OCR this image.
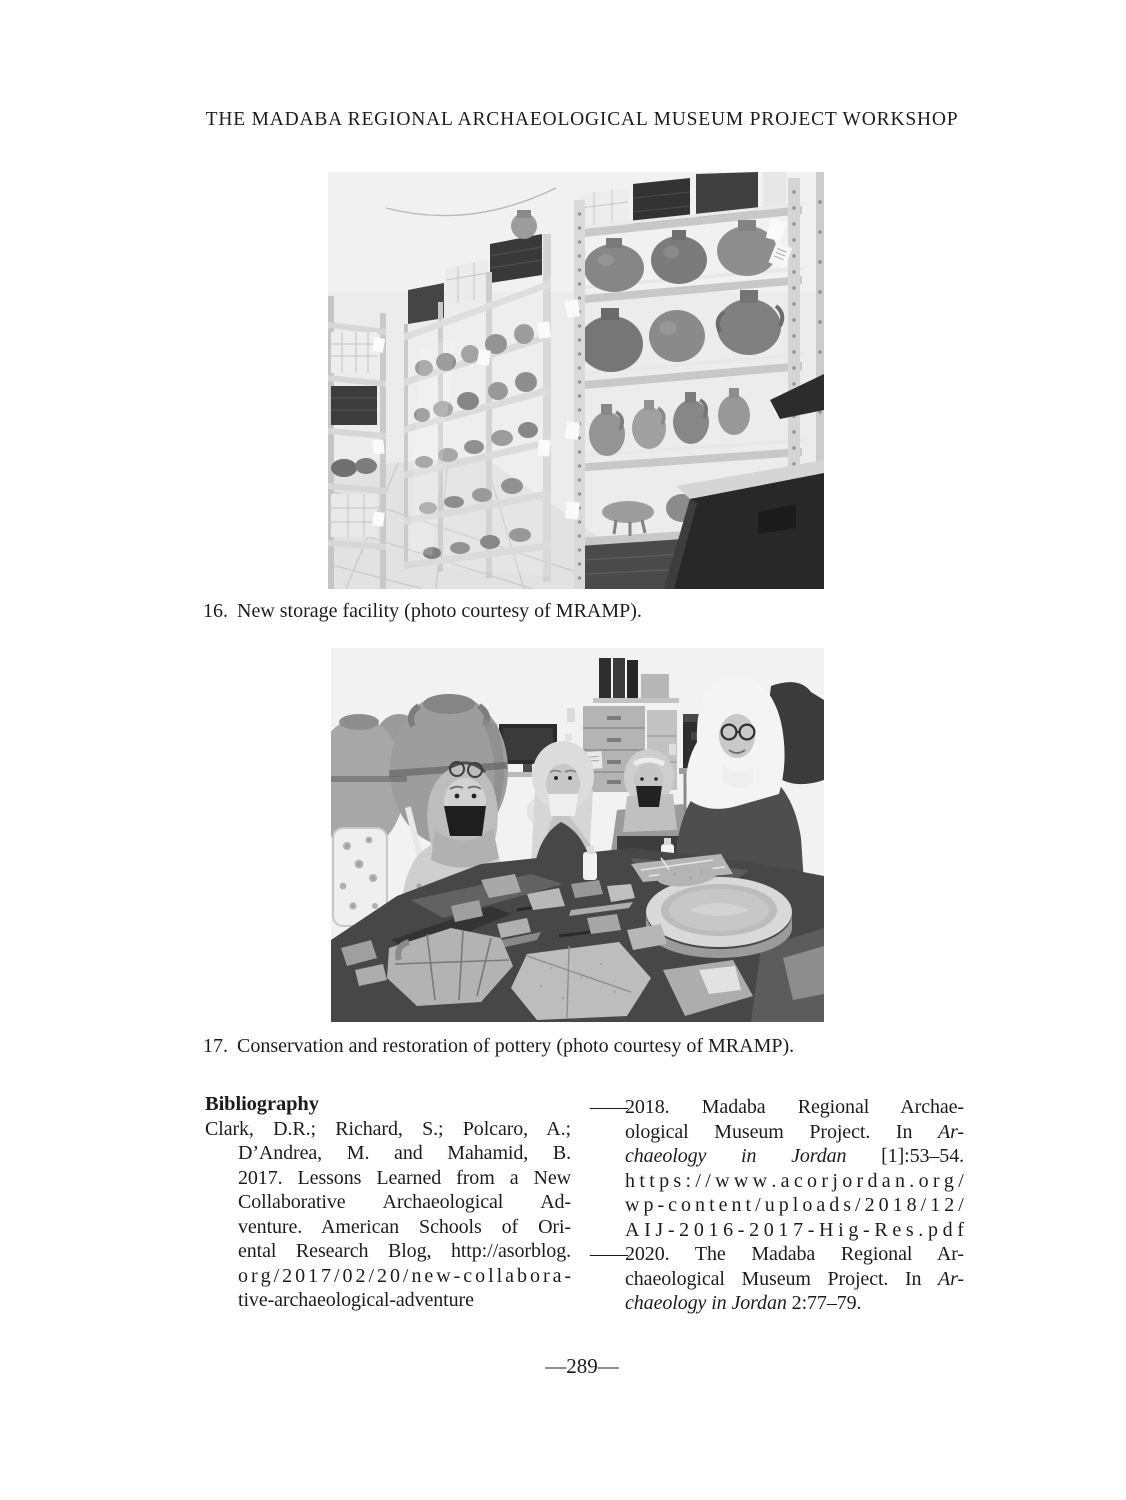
THE MADABA REGIONAL ARCHAEOLOGICAL MUSEUM PROJECT WORKSHOP
16. New storage facility (photo courtesy of MRAMP).
17. Conservation and restoration of pottery (photo courtesy of MRAMP).
Bibliography
Clark, D.R.; Richard, S.; Polcaro, A.;
D’Andrea, M. and Mahamid, B.
2017. Lessons Learned from a New
Collaborative Archaeological Ad-
venture. American Schools of Ori-
ental Research Blog, http://asorblog.
o r g / 2 0 1 7 / 0 2 / 2 0 / n e w - c o l l a b o r a -
tive-archaeological-adventure
—
2018. Madaba Regional Archae-
ological Museum Project. In Ar-
chaeology in Jordan [1]:53–54.
h t t p s : / / w w w . a c o r j o r d a n . o r g /
w p - c o n t e n t / u p l o a d s / 2 0 1 8 / 1 2 /
A I J - 2 0 1 6 - 2 0 1 7 - H i g - R e s . p d f
—
2020. The Madaba Regional Ar-
chaeological Museum Project. In Ar-
chaeology in Jordan 2:77–79.
—289—
